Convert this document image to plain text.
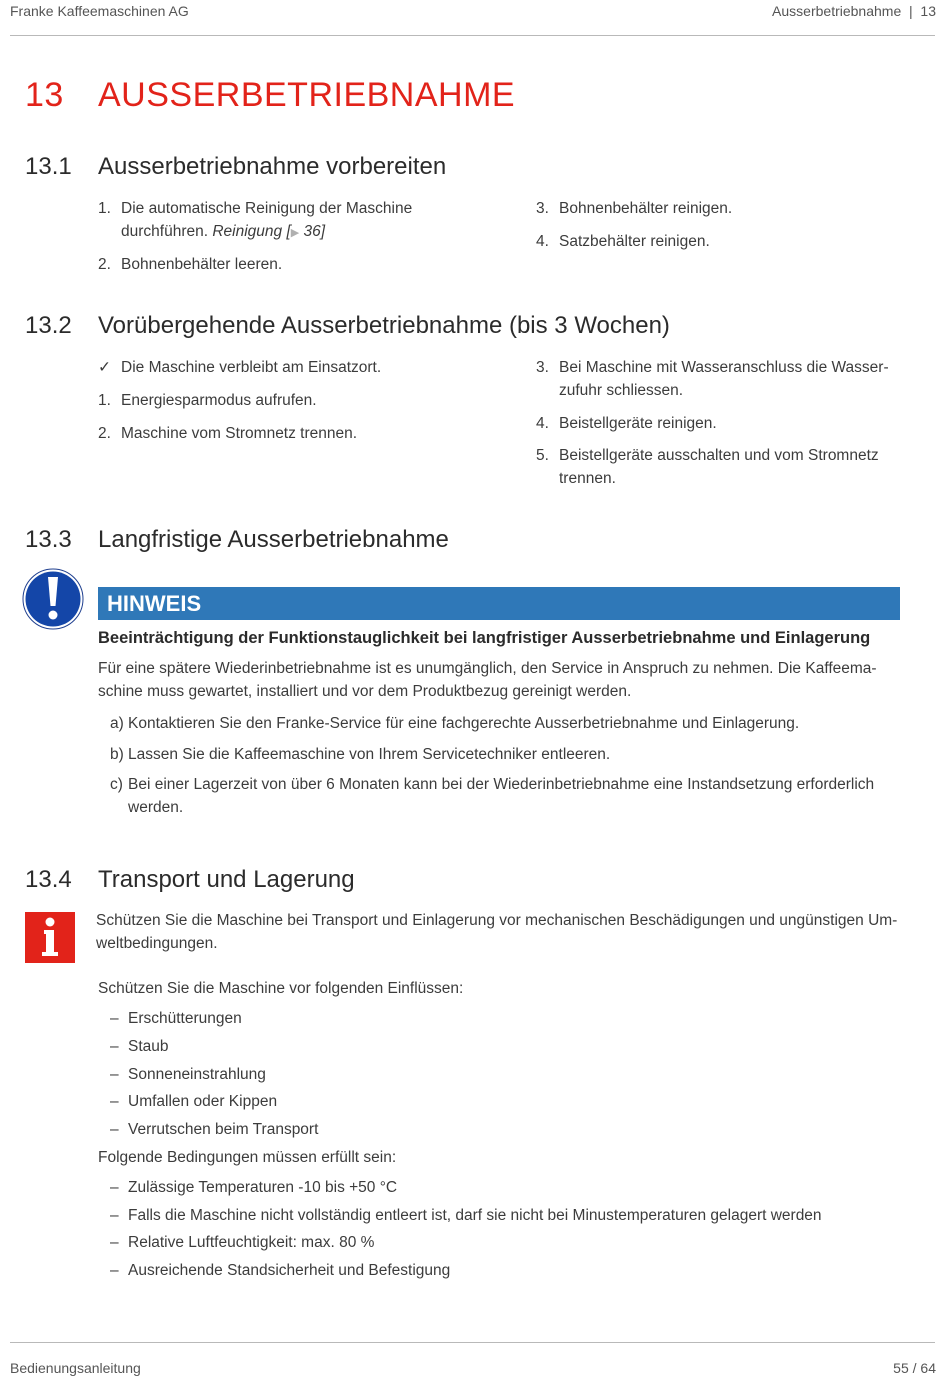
Franke Kaffeemaschinen AG	Ausserbetriebnahme  |  13
13 AUSSERBETRIEBNAHME
13.1 Ausserbetriebnahme vorbereiten
1. Die automatische Reinigung der Maschine
durchführen. Reinigung [▶ 36]
2. Bohnenbehälter leeren.
3. Bohnenbehälter reinigen.
4. Satzbehälter reinigen.
13.2 Vorübergehende Ausserbetriebnahme (bis 3 Wochen)
✓ Die Maschine verbleibt am Einsatzort.
1. Energiesparmodus aufrufen.
2. Maschine vom Stromnetz trennen.
3. Bei Maschine mit Wasseranschluss die Wasser-
zufuhr schliessen.
4. Beistellgeräte reinigen.
5. Beistellgeräte ausschalten und vom Stromnetz
trennen.
13.3 Langfristige Ausserbetriebnahme
HINWEIS
Beeinträchtigung der Funktionstauglichkeit bei langfristiger Ausserbetriebnahme und Einlagerung
Für eine spätere Wiederinbetriebnahme ist es unumgänglich, den Service in Anspruch zu nehmen. Die Kaffeema-
schine muss gewartet, installiert und vor dem Produktbezug gereinigt werden.
a) Kontaktieren Sie den Franke-Service für eine fachgerechte Ausserbetriebnahme und Einlagerung.
b) Lassen Sie die Kaffeemaschine von Ihrem Servicetechniker entleeren.
c) Bei einer Lagerzeit von über 6 Monaten kann bei der Wiederinbetriebnahme eine Instandsetzung erforderlich
werden.
13.4 Transport und Lagerung
Schützen Sie die Maschine bei Transport und Einlagerung vor mechanischen Beschädigungen und ungünstigen Um-
weltbedingungen.
Schützen Sie die Maschine vor folgenden Einflüssen:
– Erschütterungen
– Staub
– Sonneneinstrahlung
– Umfallen oder Kippen
– Verrutschen beim Transport
Folgende Bedingungen müssen erfüllt sein:
– Zulässige Temperaturen -10 bis +50 °C
– Falls die Maschine nicht vollständig entleert ist, darf sie nicht bei Minustemperaturen gelagert werden
– Relative Luftfeuchtigkeit: max. 80 %
– Ausreichende Standsicherheit und Befestigung
Bedienungsanleitung	55 / 64
